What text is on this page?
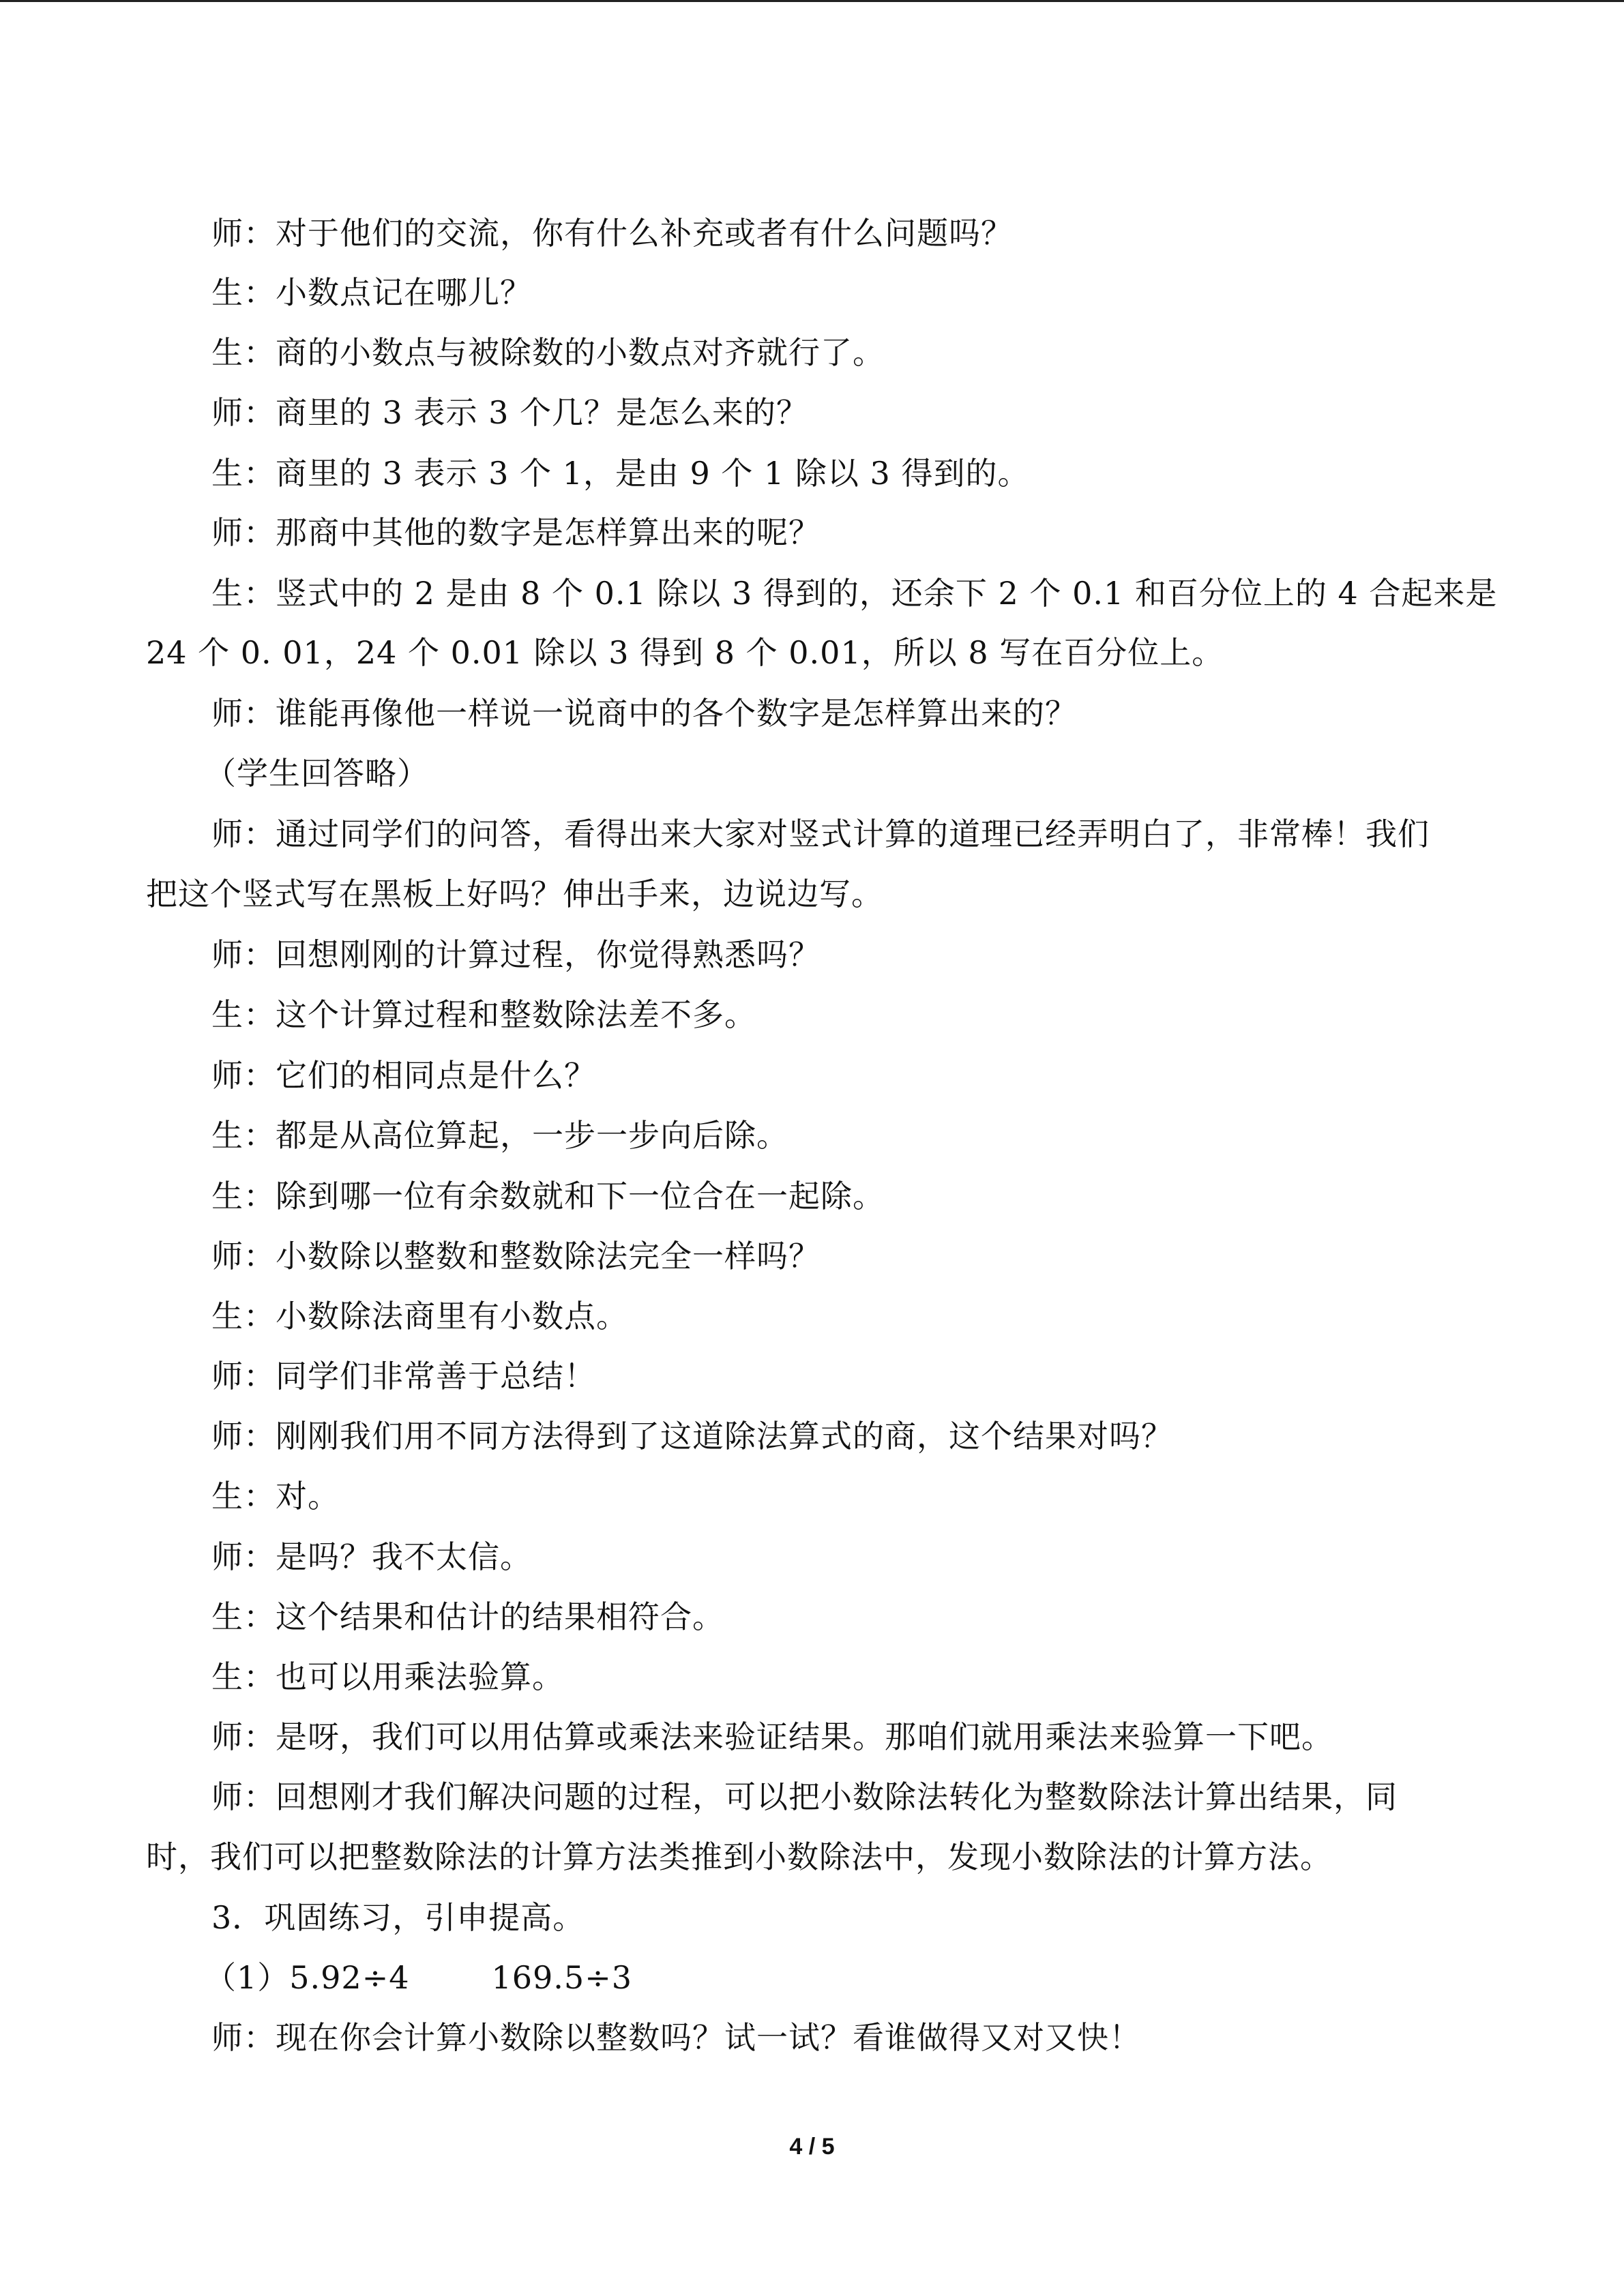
师：对于他们的交流，你有什么补充或者有什么问题吗？
生：小数点记在哪儿？
生：商的小数点与被除数的小数点对齐就行了。
师：商里的 3 表示 3 个几？是怎么来的？
生：商里的 3 表示 3 个 1，是由 9 个 1 除以 3 得到的。
师：那商中其他的数字是怎样算出来的呢？
生：竖式中的 2 是由 8 个 0.1 除以 3 得到的，还余下 2 个 0.1 和百分位上的 4 合起来是
24 个 0. 01，24 个 0.01 除以 3 得到 8 个 0.01，所以 8 写在百分位上。
师：谁能再像他一样说一说商中的各个数字是怎样算出来的？
（学生回答略）
师：通过同学们的问答，看得出来大家对竖式计算的道理已经弄明白了，非常棒！我们
把这个竖式写在黑板上好吗？伸出手来，边说边写。
师：回想刚刚的计算过程，你觉得熟悉吗？
生：这个计算过程和整数除法差不多。
师：它们的相同点是什么？
生：都是从高位算起，一步一步向后除。
生：除到哪一位有余数就和下一位合在一起除。
师：小数除以整数和整数除法完全一样吗？
生：小数除法商里有小数点。
师：同学们非常善于总结！
师：刚刚我们用不同方法得到了这道除法算式的商，这个结果对吗？
生：对。
师：是吗？我不太信。
生：这个结果和估计的结果相符合。
生：也可以用乘法验算。
师：是呀，我们可以用估算或乘法来验证结果。那咱们就用乘法来验算一下吧。
师：回想刚才我们解决问题的过程，可以把小数除法转化为整数除法计算出结果，同
时，我们可以把整数除法的计算方法类推到小数除法中，发现小数除法的计算方法。
3．巩固练习，引申提高。
（1）5.92÷4	169.5÷3
师：现在你会计算小数除以整数吗？试一试？看谁做得又对又快！
4 / 5
